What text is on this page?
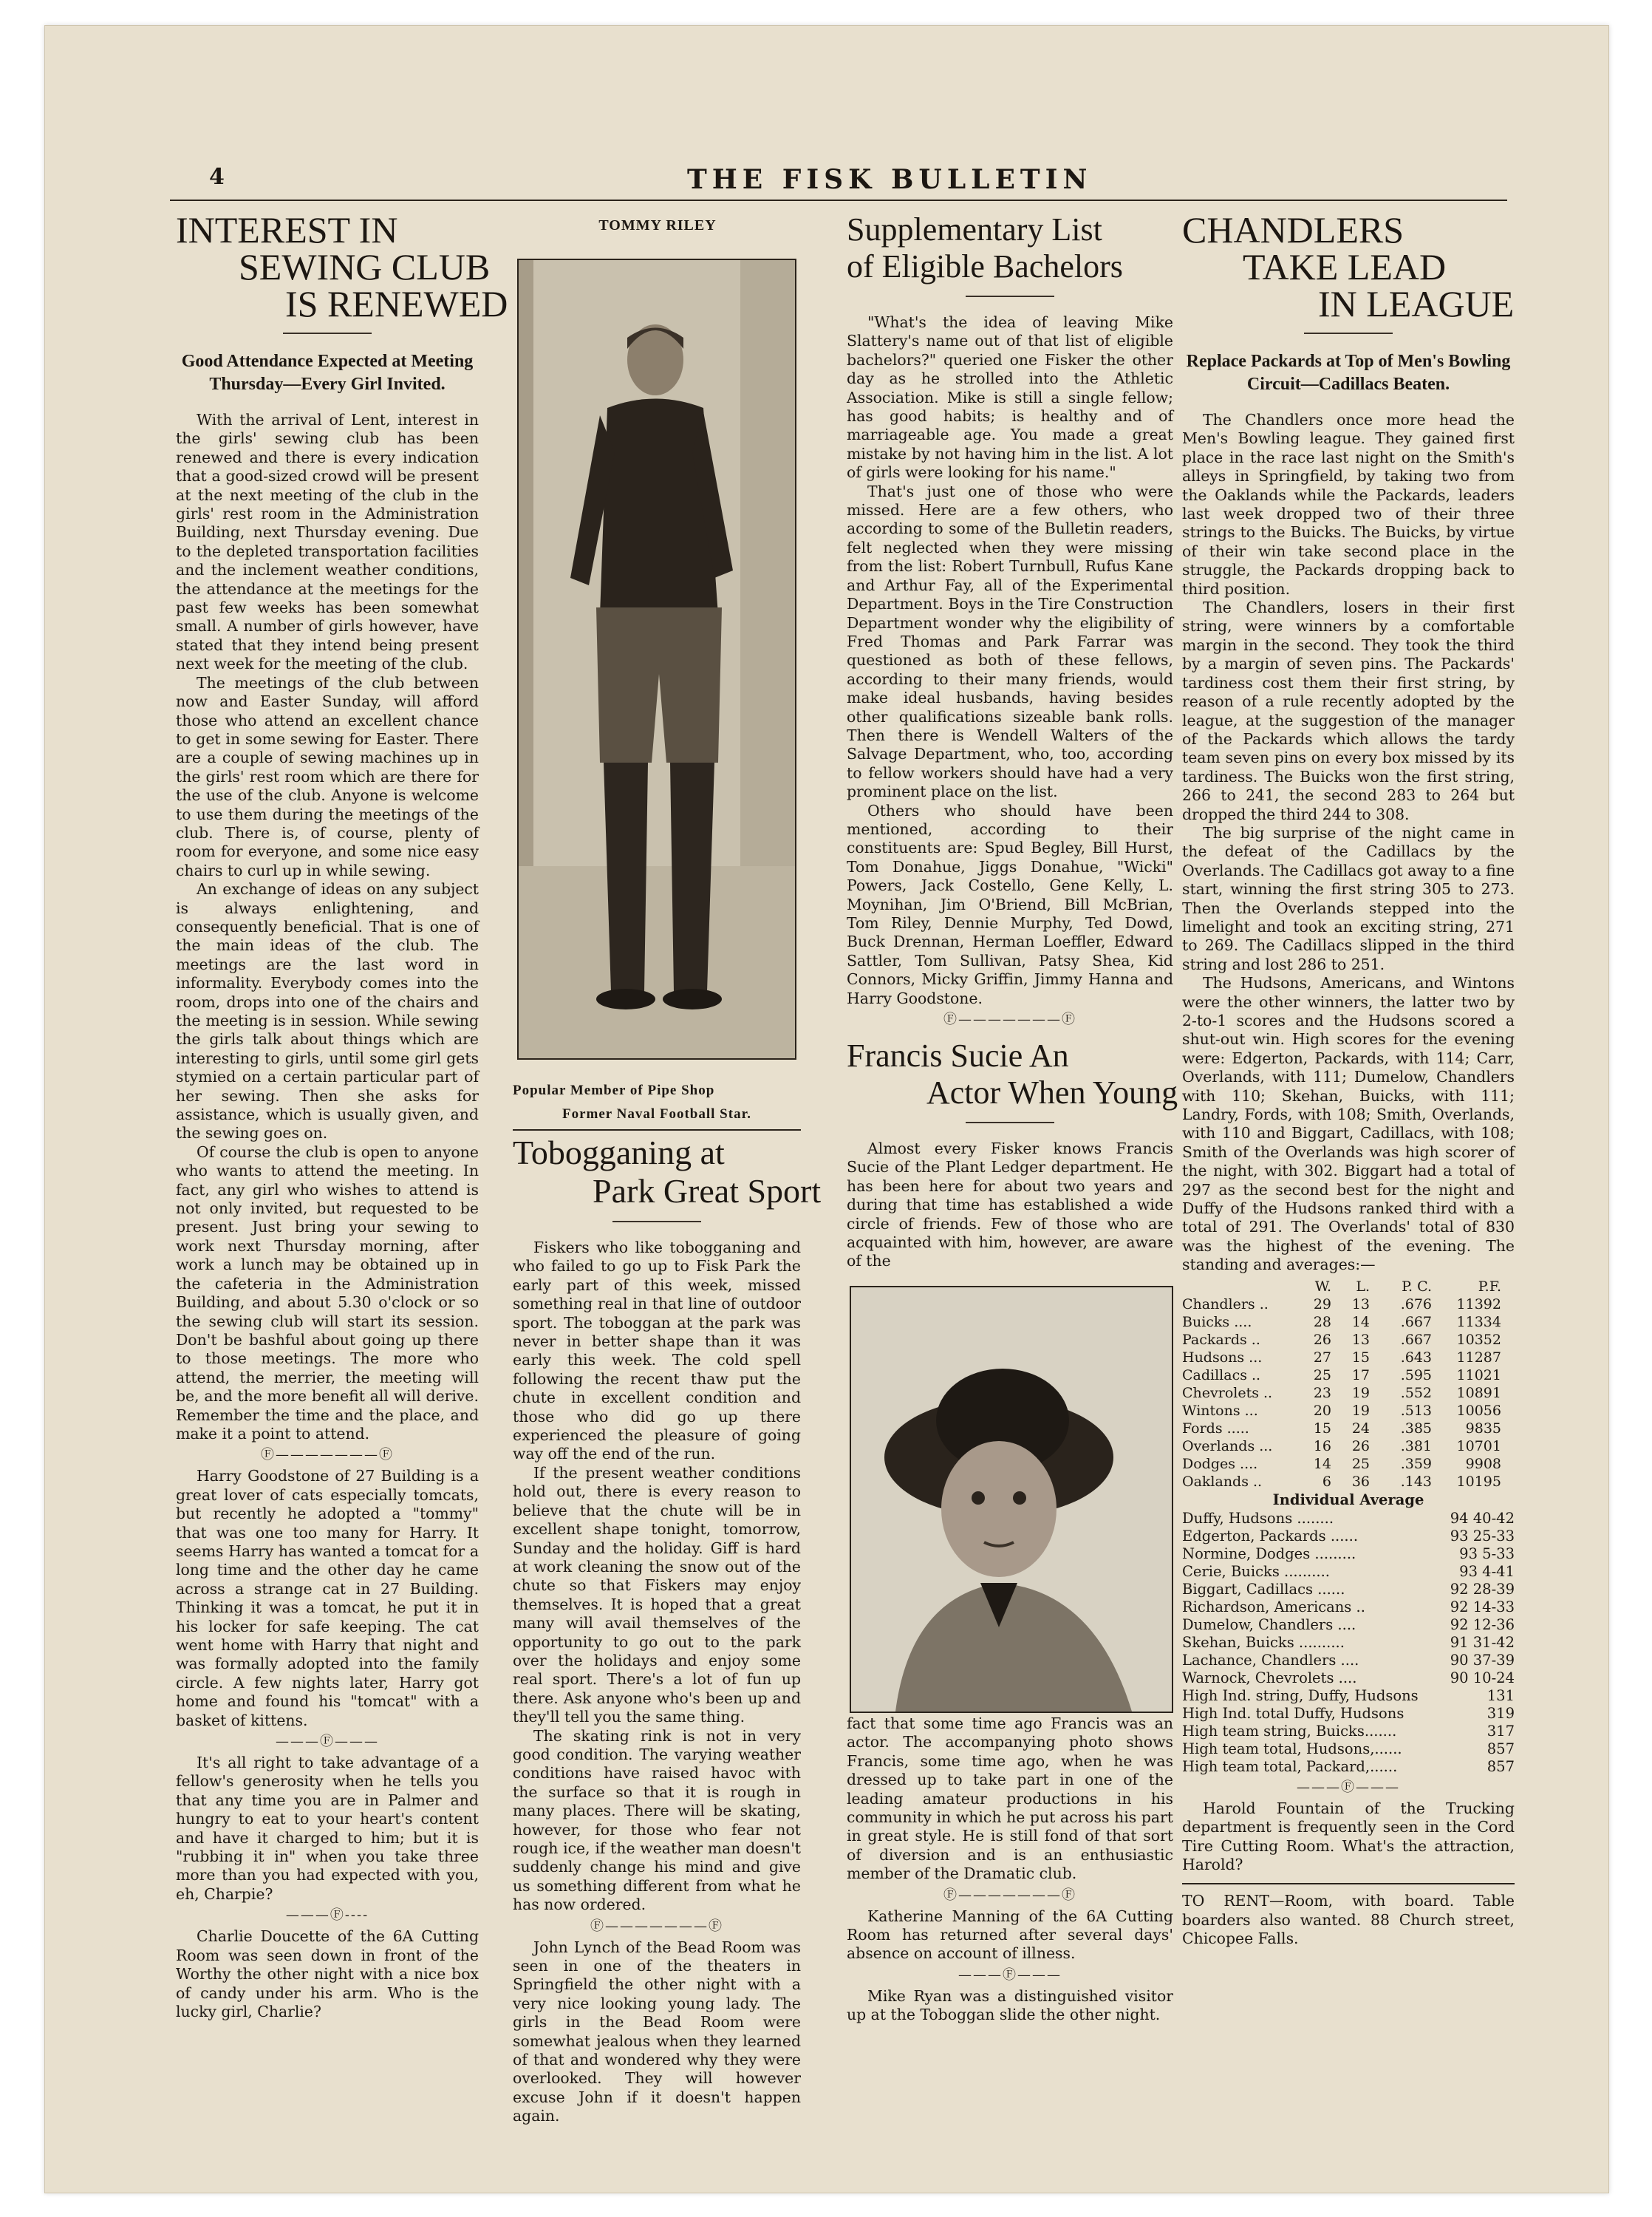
4	THE FISK BULLETIN
INTEREST IN
SEWING CLUB
IS RENEWED
Good Attendance Expected at Meeting Thursday—Every Girl Invited.

With the arrival of Lent, interest in the girls' sewing club has been renewed and there is every indication that a good-sized crowd will be present at the next meeting of the club in the girls' rest room in the Administration Building, next Thursday evening. Due to the depleted transportation facilities and the inclement weather conditions, the attendance at the meetings for the past few weeks has been somewhat small. A number of girls however, have stated that they intend being present next week for the meeting of the club.

The meetings of the club between now and Easter Sunday, will afford those who attend an excellent chance to get in some sewing for Easter. There are a couple of sewing machines up in the girls' rest room which are there for the use of the club. Anyone is welcome to use them during the meetings of the club. There is, of course, plenty of room for everyone, and some nice easy chairs to curl up in while sewing.

An exchange of ideas on any subject is always enlightening, and consequently beneficial. That is one of the main ideas of the club. The meetings are the last word in informality. Everybody comes into the room, drops into one of the chairs and the meeting is in session. While sewing the girls talk about things which are interesting to girls, until some girl gets stymied on a certain particular part of her sewing. Then she asks for assistance, which is usually given, and the sewing goes on.

Of course the club is open to anyone who wants to attend the meeting. In fact, any girl who wishes to attend is not only invited, but requested to be present. Just bring your sewing to work next Thursday morning, after work a lunch may be obtained up in the cafeteria in the Administration Building, and about 5.30 o'clock or so the sewing club will start its session. Don't be bashful about going up there to those meetings. The more who attend, the merrier, the meeting will be, and the more benefit all will derive. Remember the time and the place, and make it a point to attend.

Ⓕ———————Ⓕ

Harry Goodstone of 27 Building is a great lover of cats especially tomcats, but recently he adopted a "tommy" that was one too many for Harry. It seems Harry has wanted a tomcat for a long time and the other day he came across a strange cat in 27 Building. Thinking it was a tomcat, he put it in his locker for safe keeping. The cat went home with Harry that night and was formally adopted into the family circle. A few nights later, Harry got home and found his "tomcat" with a basket of kittens.

———Ⓕ———

It's all right to take advantage of a fellow's generosity when he tells you that any time you are in Palmer and hungry to eat to your heart's content and have it charged to him; but it is "rubbing it in" when you take three more than you had expected with you, eh, Charpie?

———Ⓕ----

Charlie Doucette of the 6A Cutting Room was seen down in front of the Worthy the other night with a nice box of candy under his arm. Who is the lucky girl, Charlie?

TOMMY RILEY
Popular Member of Pipe Shop
Former Naval Football Star.
Tobogganing at
Park Great Sport

Fiskers who like tobogganing and who failed to go up to Fisk Park the early part of this week, missed something real in that line of outdoor sport. The toboggan at the park was never in better shape than it was early this week. The cold spell following the recent thaw put the chute in excellent condition and those who did go up there experienced the pleasure of going way off the end of the run.

If the present weather conditions hold out, there is every reason to believe that the chute will be in excellent shape tonight, tomorrow, Sunday and the holiday. Giff is hard at work cleaning the snow out of the chute so that Fiskers may enjoy themselves. It is hoped that a great many will avail themselves of the opportunity to go out to the park over the holidays and enjoy some real sport. There's a lot of fun up there. Ask anyone who's been up and they'll tell you the same thing.

The skating rink is not in very good condition. The varying weather conditions have raised havoc with the surface so that it is rough in many places. There will be skating, however, for those who fear not rough ice, if the weather man doesn't suddenly change his mind and give us something different from what he has now ordered.

Ⓕ———————Ⓕ

John Lynch of the Bead Room was seen in one of the theaters in Springfield the other night with a very nice looking young lady. The girls in the Bead Room were somewhat jealous when they learned of that and wondered why they were overlooked. They will however excuse John if it doesn't happen again.

Supplementary List
of Eligible Bachelors

"What's the idea of leaving Mike Slattery's name out of that list of eligible bachelors?" queried one Fisker the other day as he strolled into the Athletic Association. Mike is still a single fellow; has good habits; is healthy and of marriageable age. You made a great mistake by not having him in the list. A lot of girls were looking for his name."

That's just one of those who were missed. Here are a few others, who according to some of the Bulletin readers, felt neglected when they were missing from the list: Robert Turnbull, Rufus Kane and Arthur Fay, all of the Experimental Department. Boys in the Tire Construction Department wonder why the eligibility of Fred Thomas and Park Farrar was questioned as both of these fellows, according to their many friends, would make ideal husbands, having besides other qualifications sizeable bank rolls. Then there is Wendell Walters of the Salvage Department, who, too, according to fellow workers should have had a very prominent place on the list.

Others who should have been mentioned, according to their constituents are: Spud Begley, Bill Hurst, Tom Donahue, Jiggs Donahue, "Wicki" Powers, Jack Costello, Gene Kelly, L. Moynihan, Jim O'Briend, Bill McBrian, Tom Riley, Dennie Murphy, Ted Dowd, Buck Drennan, Herman Loeffler, Edward Sattler, Tom Sullivan, Patsy Shea, Kid Connors, Micky Griffin, Jimmy Hanna and Harry Goodstone.

Ⓕ———————Ⓕ
Francis Sucie An
Actor When Young

Almost every Fisker knows Francis Sucie of the Plant Ledger department. He has been here for about two years and during that time has established a wide circle of friends. Few of those who are acquainted with him, however, are aware of the

fact that some time ago Francis was an actor. The accompanying photo shows Francis, some time ago, when he was dressed up to take part in one of the leading amateur productions in his community in which he put across his part in great style. He is still fond of that sort of diversion and is an enthusiastic member of the Dramatic club.

Ⓕ———————Ⓕ

Katherine Manning of the 6A Cutting Room has returned after several days' absence on account of illness.

———Ⓕ———

Mike Ryan was a distinguished visitor up at the Toboggan slide the other night.

CHANDLERS
TAKE LEAD
IN LEAGUE
Replace Packards at Top of Men's Bowling Circuit—Cadillacs Beaten.

The Chandlers once more head the Men's Bowling league. They gained first place in the race last night on the Smith's alleys in Springfield, by taking two from the Oaklands while the Packards, leaders last week dropped two of their three strings to the Buicks. The Buicks, by virtue of their win take second place in the struggle, the Packards dropping back to third position.

The Chandlers, losers in their first string, were winners by a comfortable margin in the second. They took the third by a margin of seven pins. The Packards' tardiness cost them their first string, by reason of a rule recently adopted by the league, at the suggestion of the manager of the Packards which allows the tardy team seven pins on every box missed by its tardiness. The Buicks won the first string, 266 to 241, the second 283 to 264 but dropped the third 244 to 308.

The big surprise of the night came in the defeat of the Cadillacs by the Overlands. The Cadillacs got away to a fine start, winning the first string 305 to 273. Then the Overlands stepped into the limelight and took an exciting string, 271 to 269. The Cadillacs slipped in the third string and lost 286 to 251.

The Hudsons, Americans, and Wintons were the other winners, the latter two by 2-to-1 scores and the Hudsons scored a shut-out win. High scores for the evening were: Edgerton, Packards, with 114; Carr, Overlands, with 111; Dumelow, Chandlers with 110; Skehan, Buicks, with 111; Landry, Fords, with 108; Smith, Overlands, with 110 and Biggart, Cadillacs, with 108; Smith of the Overlands was high scorer of the night, with 302. Biggart had a total of 297 as the second best for the night and Duffy of the Hudsons ranked third with a total of 291. The Overlands' total of 830 was the highest of the evening. The standing and averages:—

	W.	L.	P. C.	P.F.
Chandlers ..	29	13	.676	11392
Buicks ....	28	14	.667	11334
Packards ..	26	13	.667	10352
Hudsons ...	27	15	.643	11287
Cadillacs ..	25	17	.595	11021
Chevrolets ..	23	19	.552	10891
Wintons ...	20	19	.513	10056
Fords .....	15	24	.385	9835
Overlands ...	16	26	.381	10701
Dodges ....	14	25	.359	9908
Oaklands ..	6	36	.143	10195
Individual Average
Duffy, Hudsons ........	94 40-42
Edgerton, Packards ......	93 25-33
Normine, Dodges .........	93 5-33
Cerie, Buicks ..........	93 4-41
Biggart, Cadillacs ......	92 28-39
Richardson, Americans ..	92 14-33
Dumelow, Chandlers ....	92 12-36
Skehan, Buicks ..........	91 31-42
Lachance, Chandlers ....	90 37-39
Warnock, Chevrolets ....	90 10-24
High Ind. string, Duffy, Hudsons	131
High Ind. total Duffy, Hudsons	319
High team string, Buicks.......	317
High team total, Hudsons,......	857
High team total, Packard,......	857
———Ⓕ———

Harold Fountain of the Trucking department is frequently seen in the Cord Tire Cutting Room. What's the attraction, Harold?

TO RENT—Room, with board. Table boarders also wanted. 88 Church street, Chicopee Falls.
